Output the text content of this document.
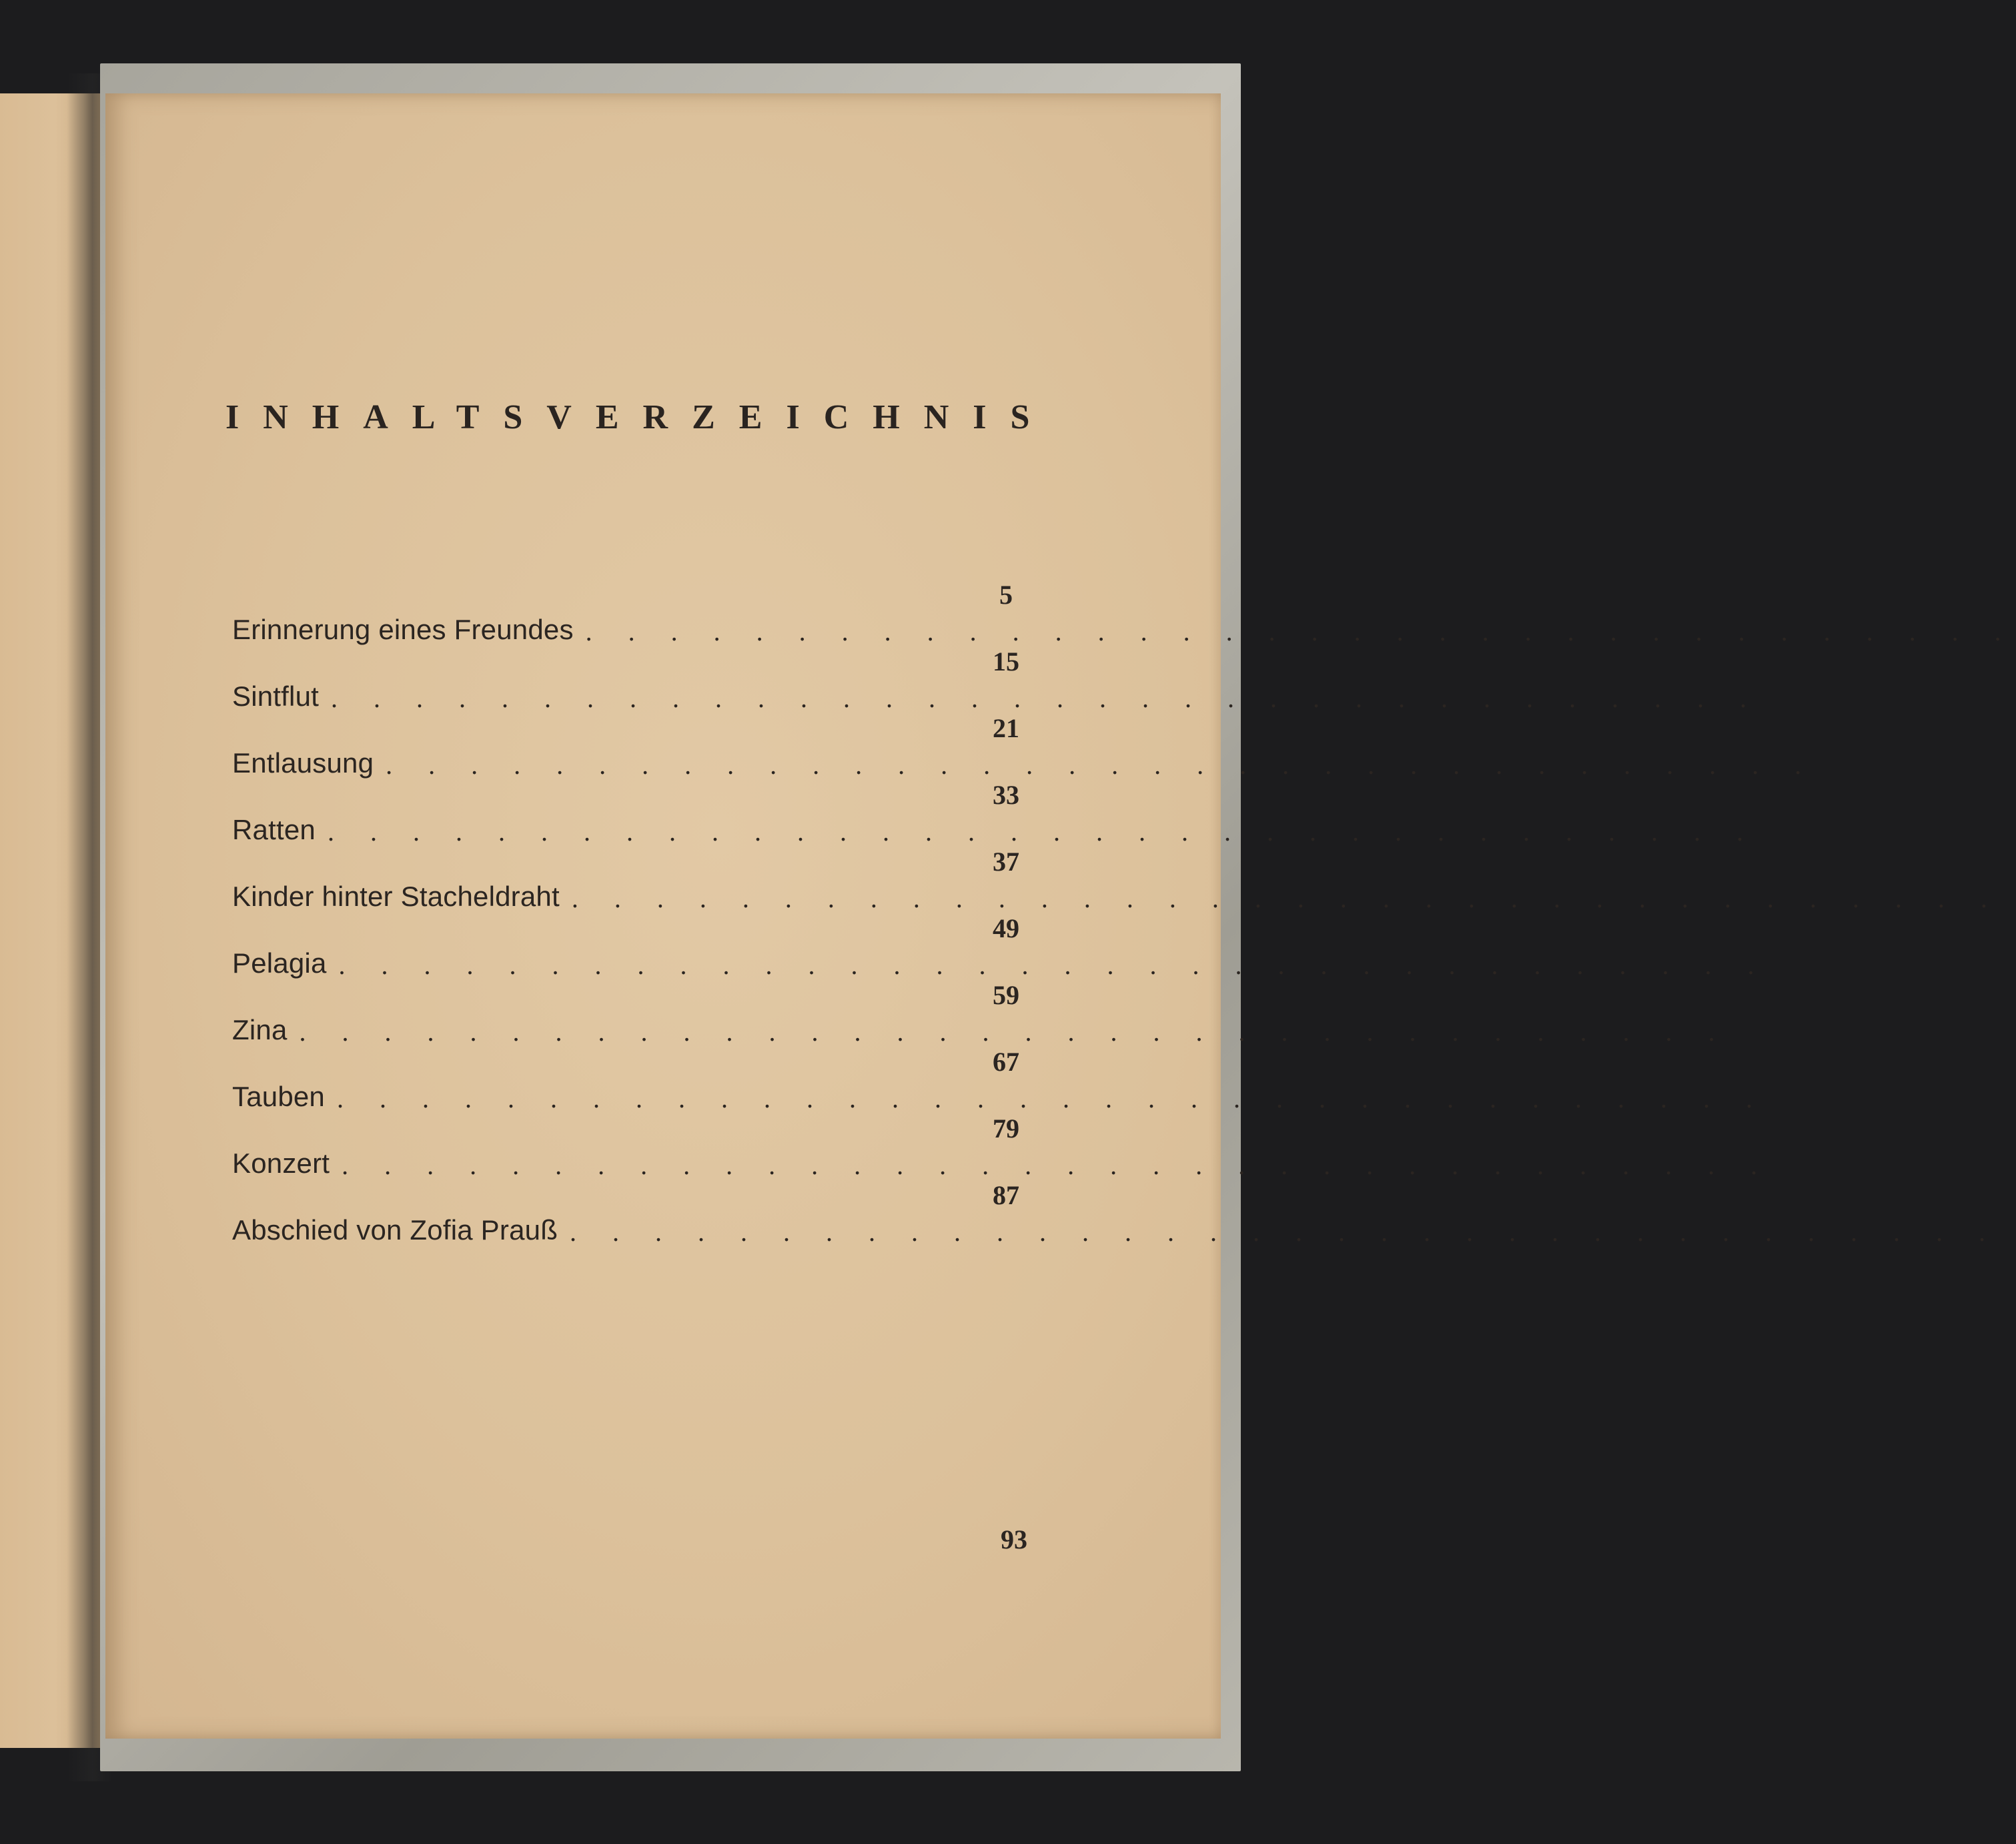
INHALTSVERZEICHNIS
Erinnerung eines Freundes . . . . . . . . . . . . . . . . . . . . . . . . . . . . . . . . . .
5
Sintflut . . . . . . . . . . . . . . . . . . . . . . . . . . . . . . . . . .
15
Entlausung . . . . . . . . . . . . . . . . . . . . . . . . . . . . . . . . . .
21
Ratten . . . . . . . . . . . . . . . . . . . . . . . . . . . . . . . . . .
33
Kinder hinter Stacheldraht . . . . . . . . . . . . . . . . . . . . . . . . . . . . . . . . . .
37
Pelagia . . . . . . . . . . . . . . . . . . . . . . . . . . . . . . . . . .
49
Zina . . . . . . . . . . . . . . . . . . . . . . . . . . . . . . . . . .
59
Tauben . . . . . . . . . . . . . . . . . . . . . . . . . . . . . . . . . .
67
Konzert . . . . . . . . . . . . . . . . . . . . . . . . . . . . . . . . . .
79
Abschied von Zofia Prauß . . . . . . . . . . . . . . . . . . . . . . . . . . . . . . . . . .
87
93
